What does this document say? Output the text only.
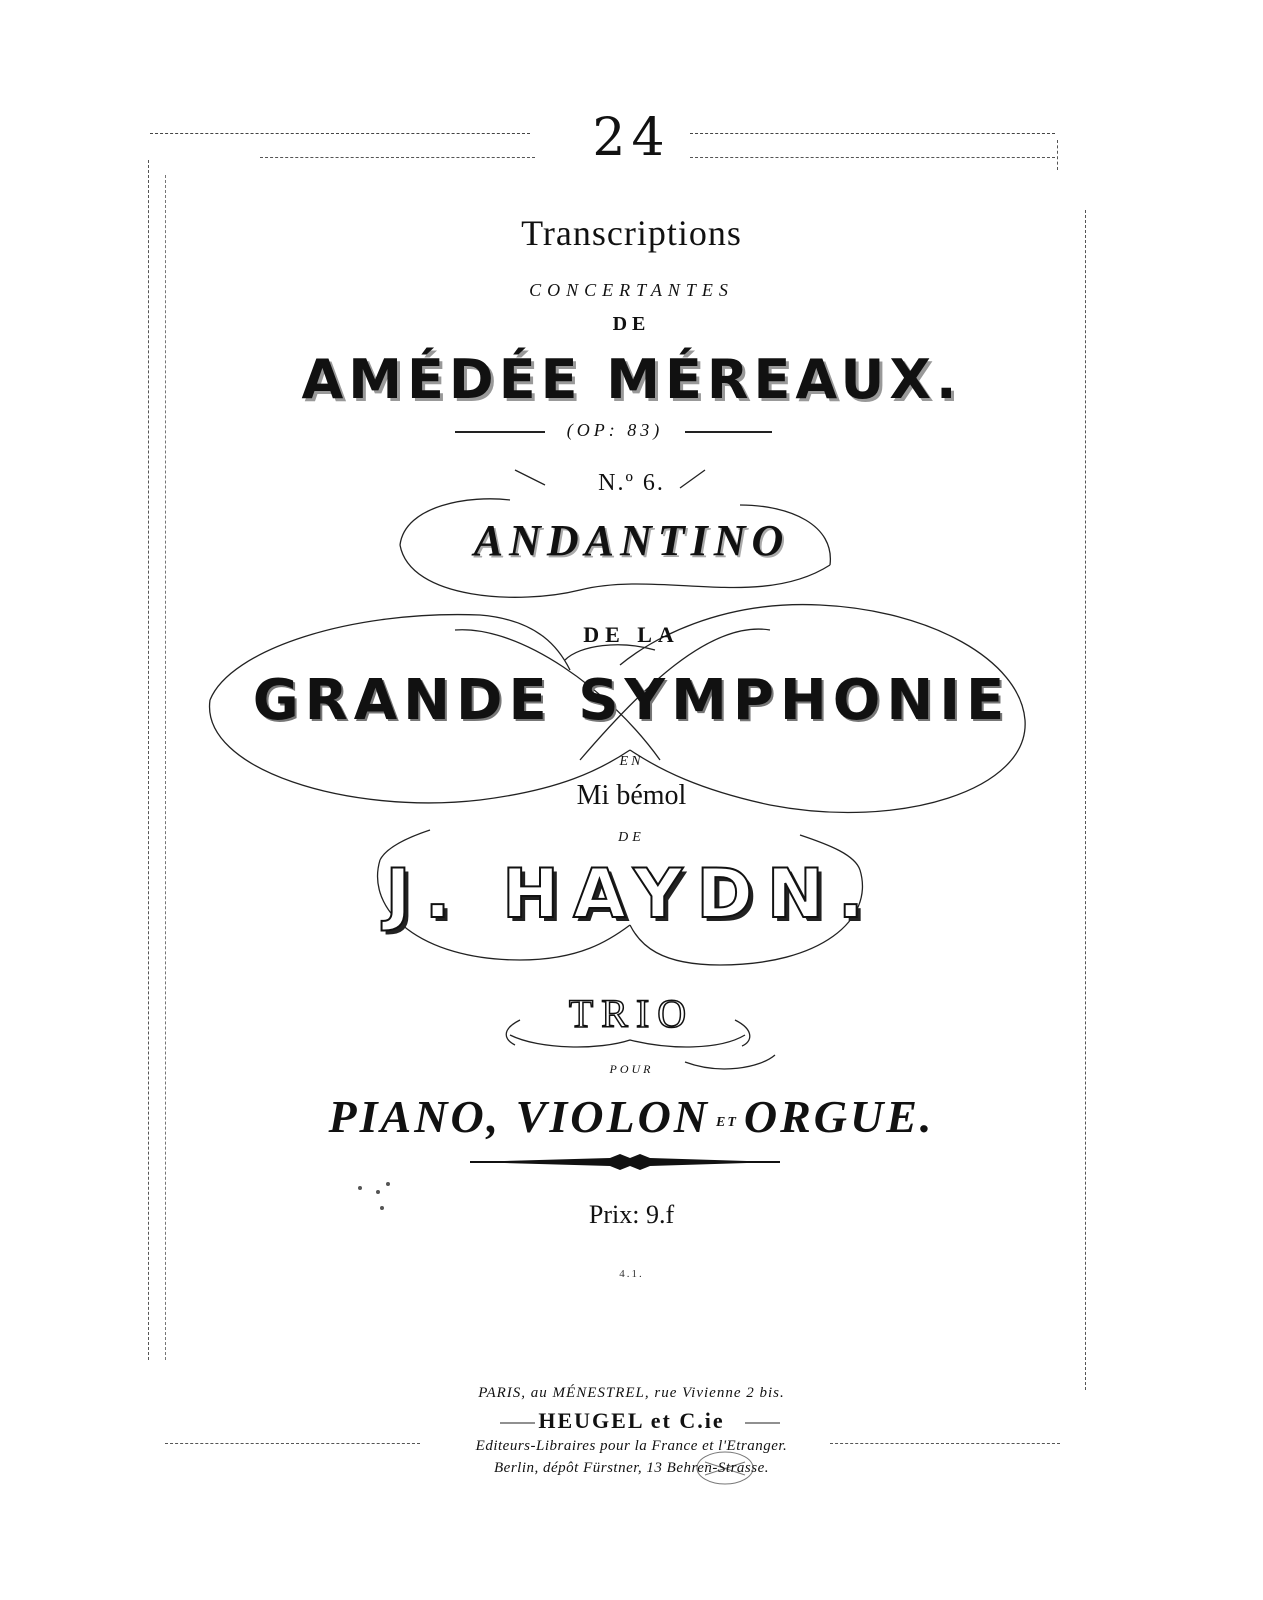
24
Transcriptions
CONCERTANTES
DE
AMÉDÉE MÉREAUX.
(OP: 83)
N.º 6.
ANDANTINO
DE LA
GRANDE SYMPHONIE
EN
Mi bémol
DE
J. HAYDN.
TRIO
POUR
PIANO, VIOLON ET ORGUE.
Prix: 9.f
4.1.
PARIS, au MÉNESTREL, rue Vivienne 2 bis.
HEUGEL et C.ie
Editeurs-Libraires pour la France et l'Etranger.
Berlin, dépôt Fürstner, 13 Behren-Strasse.
